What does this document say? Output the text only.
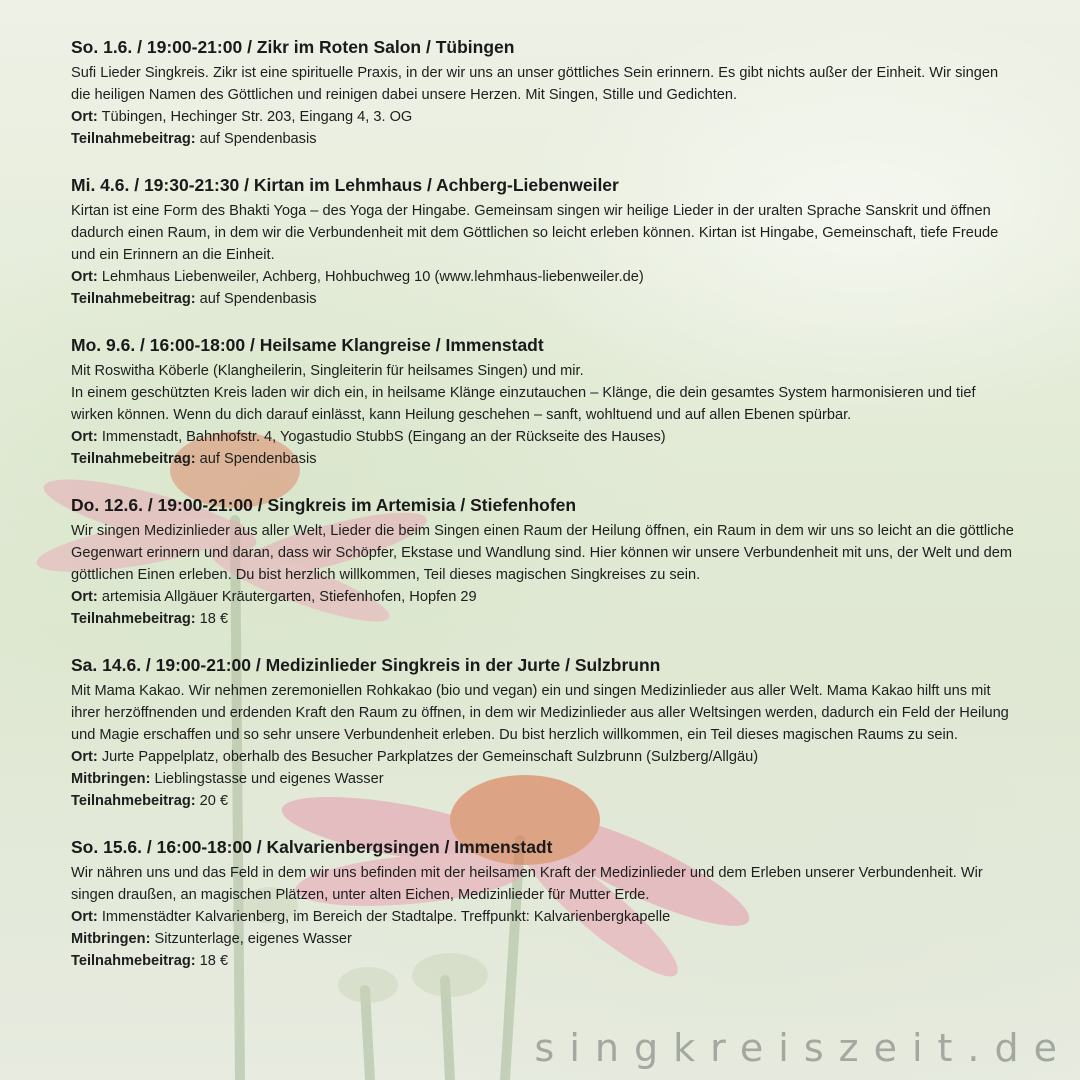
So. 1.6. / 19:00-21:00 / Zikr im Roten Salon / Tübingen

Sufi Lieder Singkreis. Zikr ist eine spirituelle Praxis, in der wir uns an unser göttliches Sein erinnern. Es gibt nichts außer der Einheit. Wir singen die heiligen Namen des Göttlichen und reinigen dabei unsere Herzen. Mit Singen, Stille und Gedichten.

Ort: Tübingen, Hechinger Str. 203, Eingang 4, 3. OG

Teilnahmebeitrag: auf Spendenbasis

Mi. 4.6. / 19:30-21:30 / Kirtan im Lehmhaus / Achberg-Liebenweiler

Kirtan ist eine Form des Bhakti Yoga – des Yoga der Hingabe. Gemeinsam singen wir heilige Lieder in der uralten Sprache Sanskrit und öffnen dadurch einen Raum, in dem wir die Verbundenheit mit dem Göttlichen so leicht erleben können. Kirtan ist Hingabe, Gemeinschaft, tiefe Freude und ein Erinnern an die Einheit.

Ort: Lehmhaus Liebenweiler, Achberg, Hohbuchweg 10 (www.lehmhaus-liebenweiler.de)

Teilnahmebeitrag: auf Spendenbasis

Mo. 9.6. / 16:00-18:00 / Heilsame Klangreise / Immenstadt

Mit Roswitha Köberle (Klangheilerin, Singleiterin für heilsames Singen) und mir.

In einem geschützten Kreis laden wir dich ein, in heilsame Klänge einzutauchen – Klänge, die dein gesamtes System harmonisieren und tief wirken können. Wenn du dich darauf einlässt, kann Heilung geschehen – sanft, wohltuend und auf allen Ebenen spürbar.

Ort: Immenstadt, Bahnhofstr. 4, Yogastudio StubbS (Eingang an der Rückseite des Hauses)

Teilnahmebeitrag: auf Spendenbasis

Do. 12.6. / 19:00-21:00 / Singkreis im Artemisia / Stiefenhofen

Wir singen Medizinlieder aus aller Welt, Lieder die beim Singen einen Raum der Heilung öffnen, ein Raum in dem wir uns so leicht an die göttliche Gegenwart erinnern und daran, dass wir Schöpfer, Ekstase und Wandlung sind. Hier können wir unsere Verbundenheit mit uns, der Welt und dem göttlichen Einen erleben. Du bist herzlich willkommen, Teil dieses magischen Singkreises zu sein.

Ort: artemisia Allgäuer Kräutergarten, Stiefenhofen, Hopfen 29

Teilnahmebeitrag: 18 €

Sa. 14.6. / 19:00-21:00 / Medizinlieder Singkreis in der Jurte / Sulzbrunn

Mit Mama Kakao. Wir nehmen zeremoniellen Rohkakao (bio und vegan) ein und singen Medizinlieder aus aller Welt. Mama Kakao hilft uns mit ihrer herzöffnenden und erdenden Kraft den Raum zu öffnen, in dem wir Medizinlieder aus aller Weltsingen werden, dadurch ein Feld der Heilung und Magie erschaffen und so sehr unsere Verbundenheit erleben. Du bist herzlich willkommen, ein Teil dieses magischen Raums zu sein.

Ort: Jurte Pappelplatz, oberhalb des Besucher Parkplatzes der Gemeinschaft Sulzbrunn (Sulzberg/Allgäu)

Mitbringen: Lieblingstasse und eigenes Wasser

Teilnahmebeitrag: 20 €

So. 15.6. / 16:00-18:00 / Kalvarienbergsingen / Immenstadt

Wir nähren uns und das Feld in dem wir uns befinden mit der heilsamen Kraft der Medizinlieder und dem Erleben unserer Verbundenheit. Wir singen draußen, an magischen Plätzen, unter alten Eichen, Medizinlieder für Mutter Erde.

Ort: Immenstädter Kalvarienberg, im Bereich der Stadtalpe. Treffpunkt: Kalvarienbergkapelle

Mitbringen: Sitzunterlage, eigenes Wasser

Teilnahmebeitrag: 18 €

singkreiszeit.de
